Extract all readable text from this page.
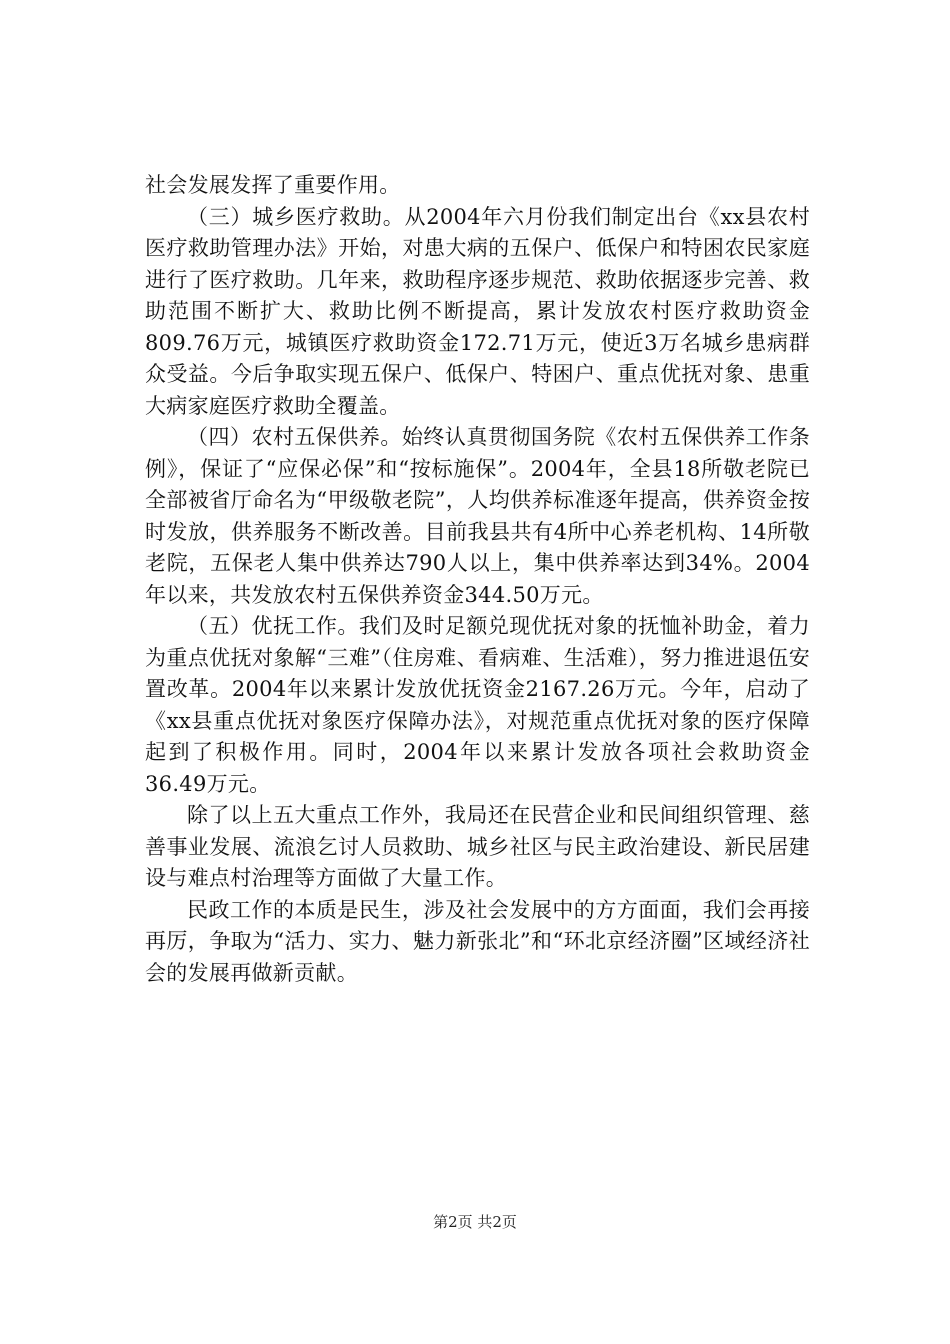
社会发展发挥了重要作用。

（三）城乡医疗救助。从2004年六月份我们制定出台《xx县农村医疗救助管理办法》开始，对患大病的五保户、低保户和特困农民家庭进行了医疗救助。几年来，救助程序逐步规范、救助依据逐步完善、救助范围不断扩大、救助比例不断提高，累计发放农村医疗救助资金809.76万元，城镇医疗救助资金172.71万元，使近3万名城乡患病群众受益。今后争取实现五保户、低保户、特困户、重点优抚对象、患重大病家庭医疗救助全覆盖。

（四）农村五保供养。始终认真贯彻国务院《农村五保供养工作条例》，保证了“应保必保”和“按标施保”。2004年，全县18所敬老院已全部被省厅命名为“甲级敬老院”，人均供养标准逐年提高，供养资金按时发放，供养服务不断改善。目前我县共有4所中心养老机构、14所敬老院，五保老人集中供养达790人以上，集中供养率达到34%。2004年以来，共发放农村五保供养资金344.50万元。

（五）优抚工作。我们及时足额兑现优抚对象的抚恤补助金，着力为重点优抚对象解“三难”（住房难、看病难、生活难），努力推进退伍安置改革。2004年以来累计发放优抚资金2167.26万元。今年，启动了《xx县重点优抚对象医疗保障办法》，对规范重点优抚对象的医疗保障起到了积极作用。同时，2004年以来累计发放各项社会救助资金36.49万元。

除了以上五大重点工作外，我局还在民营企业和民间组织管理、慈善事业发展、流浪乞讨人员救助、城乡社区与民主政治建设、新民居建设与难点村治理等方面做了大量工作。

民政工作的本质是民生，涉及社会发展中的方方面面，我们会再接再厉，争取为“活力、实力、魅力新张北”和“环北京经济圈”区域经济社会的发展再做新贡献。

第2页 共2页
